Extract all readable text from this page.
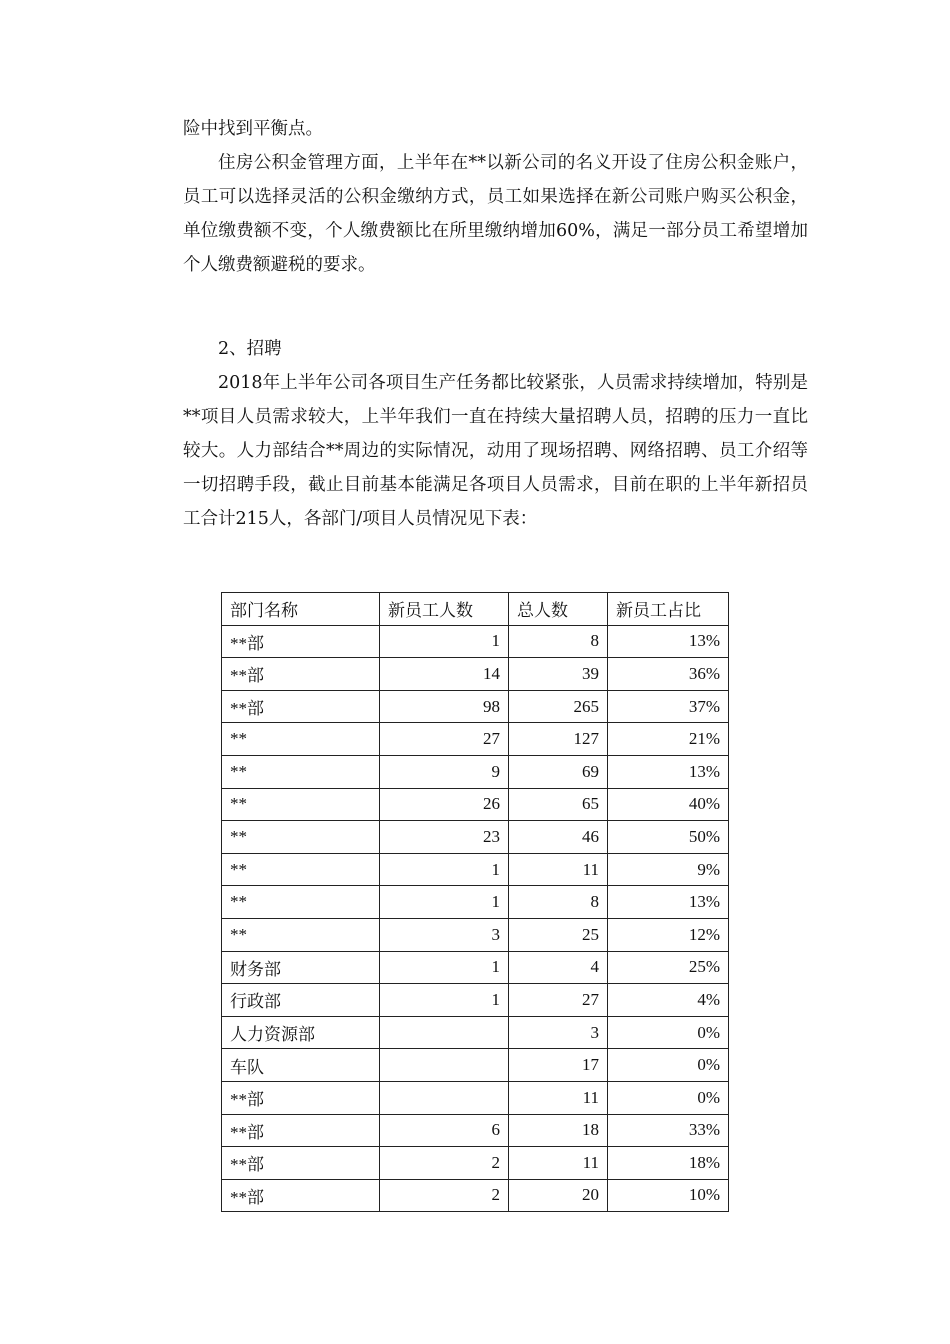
险中找到平衡点。

住房公积金管理方面，上半年在**以新公司的名义开设了住房公积金账户，员工可以选择灵活的公积金缴纳方式，员工如果选择在新公司账户购买公积金，单位缴费额不变，个人缴费额比在所里缴纳增加60%，满足一部分员工希望增加个人缴费额避税的要求。

2、招聘

2018年上半年公司各项目生产任务都比较紧张，人员需求持续增加，特别是**项目人员需求较大，上半年我们一直在持续大量招聘人员，招聘的压力一直比较大。人力部结合**周边的实际情况，动用了现场招聘、网络招聘、员工介绍等一切招聘手段，截止目前基本能满足各项目人员需求，目前在职的上半年新招员工合计215人，各部门/项目人员情况见下表：

部门名称	新员工人数	总人数	新员工占比
**部	1	8	13%
**部	14	39	36%
**部	98	265	37%
**	27	127	21%
**	9	69	13%
**	26	65	40%
**	23	46	50%
**	1	11	9%
**	1	8	13%
**	3	25	12%
财务部	1	4	25%
行政部	1	27	4%
人力资源部		3	0%
车队		17	0%
**部		11	0%
**部	6	18	33%
**部	2	11	18%
**部	2	20	10%
